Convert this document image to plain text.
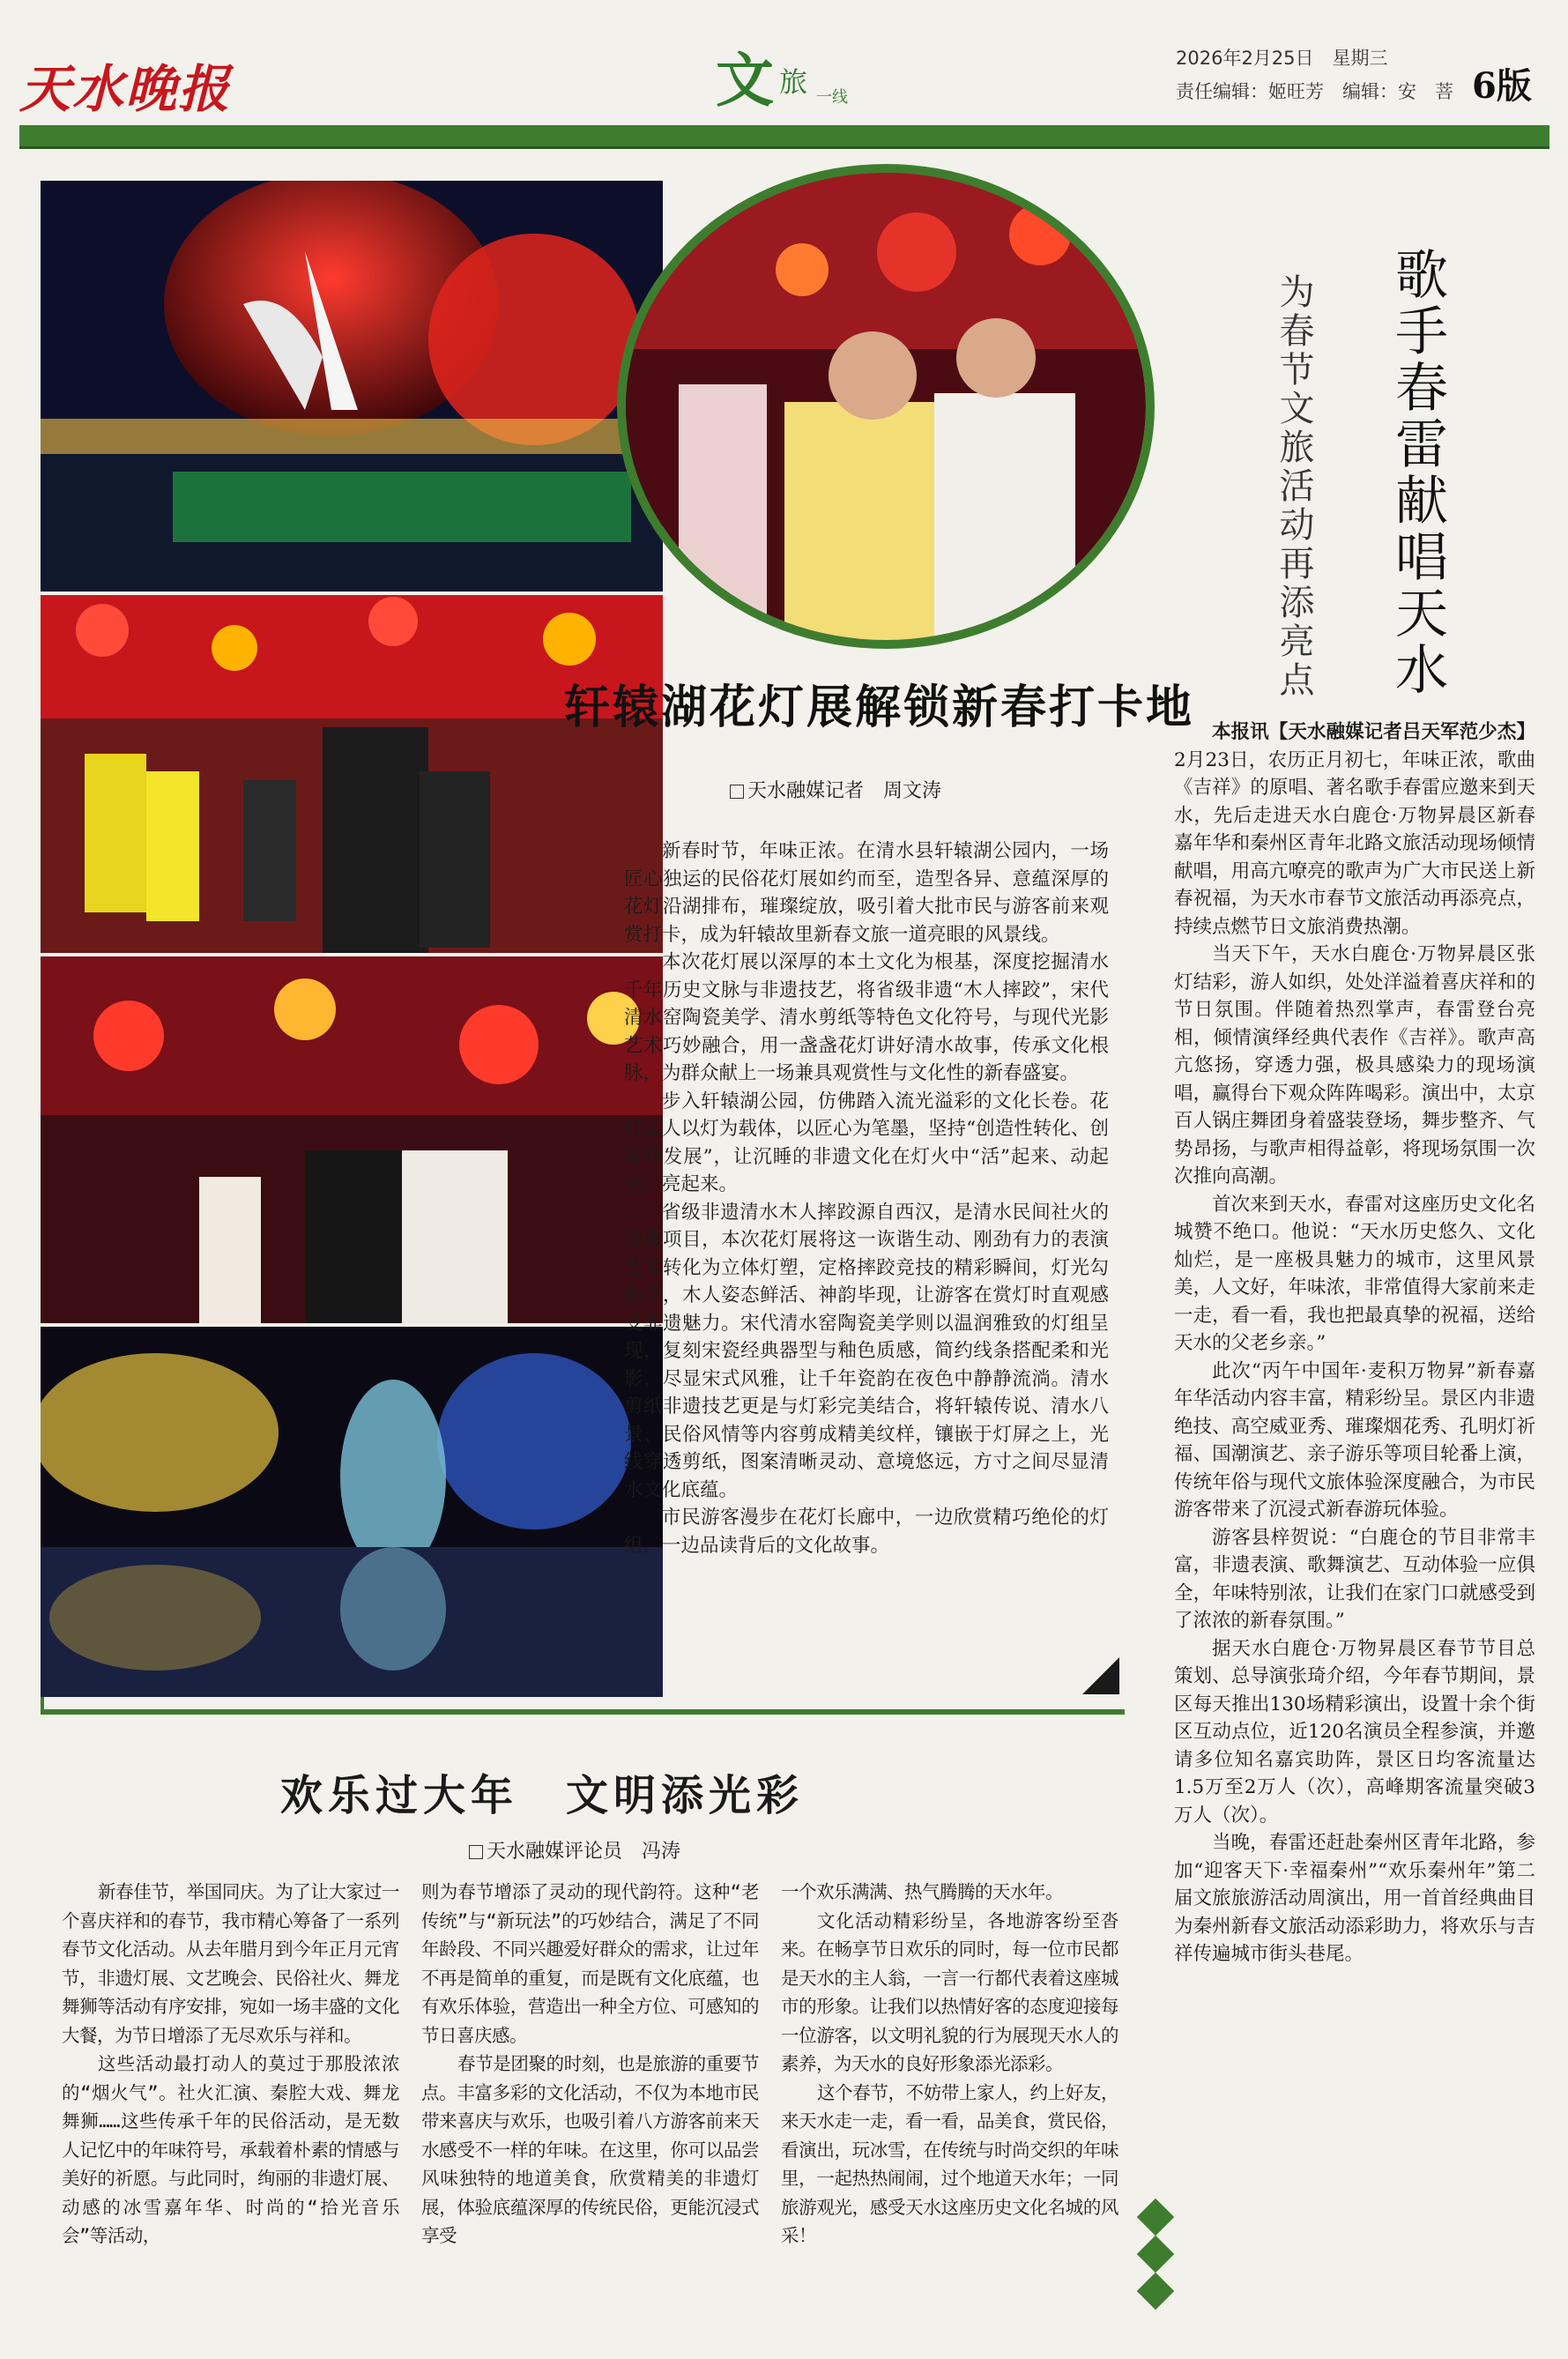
天水晚报	文 旅 一线
2026年2月25日　星期三
责任编辑：姬旺芳　编辑：安　菩 6版
轩辕湖花灯展解锁新春打卡地
天水融媒记者　周文涛

新春时节，年味正浓。在清水县轩辕湖公园内，一场匠心独运的民俗花灯展如约而至，造型各异、意蕴深厚的花灯沿湖排布，璀璨绽放，吸引着大批市民与游客前来观赏打卡，成为轩辕故里新春文旅一道亮眼的风景线。

本次花灯展以深厚的本土文化为根基，深度挖掘清水千年历史文脉与非遗技艺，将省级非遗“木人摔跤”，宋代清水窑陶瓷美学、清水剪纸等特色文化符号，与现代光影艺术巧妙融合，用一盏盏花灯讲好清水故事，传承文化根脉，为群众献上一场兼具观赏性与文化性的新春盛宴。

步入轩辕湖公园，仿佛踏入流光溢彩的文化长卷。花灯艺人以灯为载体，以匠心为笔墨，坚持“创造性转化、创新性发展”，让沉睡的非遗文化在灯火中“活”起来、动起来、亮起来。

省级非遗清水木人摔跤源自西汉，是清水民间社火的经典项目，本次花灯展将这一诙谐生动、刚劲有力的表演艺术转化为立体灯塑，定格摔跤竞技的精彩瞬间，灯光勾勒下，木人姿态鲜活、神韵毕现，让游客在赏灯时直观感受非遗魅力。宋代清水窑陶瓷美学则以温润雅致的灯组呈现，复刻宋瓷经典器型与釉色质感，简约线条搭配柔和光影，尽显宋式风雅，让千年瓷韵在夜色中静静流淌。清水剪纸非遗技艺更是与灯彩完美结合，将轩辕传说、清水八景、民俗风情等内容剪成精美纹样，镶嵌于灯屏之上，光线穿透剪纸，图案清晰灵动、意境悠远，方寸之间尽显清水文化底蕴。

市民游客漫步在花灯长廊中，一边欣赏精巧绝伦的灯组，一边品读背后的文化故事。

歌手春雷献唱天水
为春节文旅活动再添亮点

本报讯【天水融媒记者吕天军范少杰】2月23日，农历正月初七，年味正浓，歌曲《吉祥》的原唱、著名歌手春雷应邀来到天水，先后走进天水白鹿仓·万物昇晨区新春嘉年华和秦州区青年北路文旅活动现场倾情献唱，用高亢嘹亮的歌声为广大市民送上新春祝福，为天水市春节文旅活动再添亮点，持续点燃节日文旅消费热潮。

当天下午，天水白鹿仓·万物昇晨区张灯结彩，游人如织，处处洋溢着喜庆祥和的节日氛围。伴随着热烈掌声，春雷登台亮相，倾情演绎经典代表作《吉祥》。歌声高亢悠扬，穿透力强，极具感染力的现场演唱，赢得台下观众阵阵喝彩。演出中，太京百人锅庄舞团身着盛装登场，舞步整齐、气势昂扬，与歌声相得益彰，将现场氛围一次次推向高潮。

首次来到天水，春雷对这座历史文化名城赞不绝口。他说：“天水历史悠久、文化灿烂，是一座极具魅力的城市，这里风景美，人文好，年味浓，非常值得大家前来走一走，看一看，我也把最真挚的祝福，送给天水的父老乡亲。”

此次“丙午中国年·麦积万物昇”新春嘉年华活动内容丰富，精彩纷呈。景区内非遗绝技、高空威亚秀、璀璨烟花秀、孔明灯祈福、国潮演艺、亲子游乐等项目轮番上演，传统年俗与现代文旅体验深度融合，为市民游客带来了沉浸式新春游玩体验。

游客县梓贺说：“白鹿仓的节目非常丰富，非遗表演、歌舞演艺、互动体验一应俱全，年味特别浓，让我们在家门口就感受到了浓浓的新春氛围。”

据天水白鹿仓·万物昇晨区春节节目总策划、总导演张琦介绍，今年春节期间，景区每天推出130场精彩演出，设置十余个街区互动点位，近120名演员全程参演，并邀请多位知名嘉宾助阵，景区日均客流量达1.5万至2万人（次），高峰期客流量突破3万人（次）。

当晚，春雷还赶赴秦州区青年北路，参加“迎客天下·幸福秦州”“欢乐秦州年”第二届文旅旅游活动周演出，用一首首经典曲目为秦州新春文旅活动添彩助力，将欢乐与吉祥传遍城市街头巷尾。

欢乐过大年　文明添光彩
天水融媒评论员　冯涛

新春佳节，举国同庆。为了让大家过一个喜庆祥和的春节，我市精心筹备了一系列春节文化活动。从去年腊月到今年正月元宵节，非遗灯展、文艺晚会、民俗社火、舞龙舞狮等活动有序安排，宛如一场丰盛的文化大餐，为节日增添了无尽欢乐与祥和。

这些活动最打动人的莫过于那股浓浓的“烟火气”。社火汇演、秦腔大戏、舞龙舞狮……这些传承千年的民俗活动，是无数人记忆中的年味符号，承载着朴素的情感与美好的祈愿。与此同时，绚丽的非遗灯展、动感的冰雪嘉年华、时尚的“拾光音乐会”等活动，

则为春节增添了灵动的现代韵符。这种“老传统”与“新玩法”的巧妙结合，满足了不同年龄段、不同兴趣爱好群众的需求，让过年不再是简单的重复，而是既有文化底蕴，也有欢乐体验，营造出一种全方位、可感知的节日喜庆感。

春节是团聚的时刻，也是旅游的重要节点。丰富多彩的文化活动，不仅为本地市民带来喜庆与欢乐，也吸引着八方游客前来天水感受不一样的年味。在这里，你可以品尝风味独特的地道美食，欣赏精美的非遗灯展，体验底蕴深厚的传统民俗，更能沉浸式享受

一个欢乐满满、热气腾腾的天水年。

文化活动精彩纷呈，各地游客纷至沓来。在畅享节日欢乐的同时，每一位市民都是天水的主人翁，一言一行都代表着这座城市的形象。让我们以热情好客的态度迎接每一位游客，以文明礼貌的行为展现天水人的素养，为天水的良好形象添光添彩。

这个春节，不妨带上家人，约上好友，来天水走一走，看一看，品美食，赏民俗，看演出，玩冰雪，在传统与时尚交织的年味里，一起热热闹闹，过个地道天水年；一同旅游观光，感受天水这座历史文化名城的风采！
